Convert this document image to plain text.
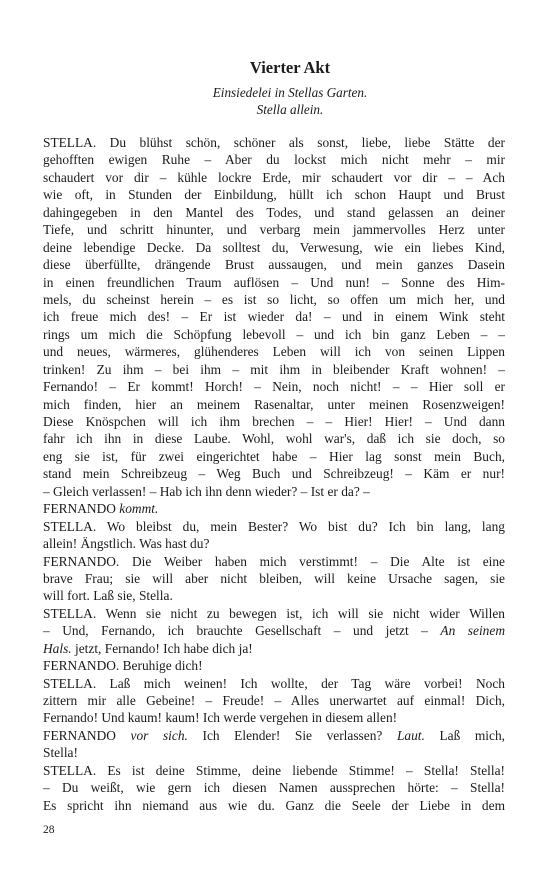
Vierter Akt
Einsiedelei in Stellas Garten.
Stella allein.
STELLA. Du blühst schön, schöner als sonst, liebe, liebe Stätte der
gehofften ewigen Ruhe – Aber du lockst mich nicht mehr – mir
schaudert vor dir – kühle lockre Erde, mir schaudert vor dir – – Ach
wie oft, in Stunden der Einbildung, hüllt ich schon Haupt und Brust
dahingegeben in den Mantel des Todes, und stand gelassen an deiner
Tiefe, und schritt hinunter, und verbarg mein jammervolles Herz unter
deine lebendige Decke. Da solltest du, Verwesung, wie ein liebes Kind,
diese überfüllte, drängende Brust aussaugen, und mein ganzes Dasein
in einen freundlichen Traum auflösen – Und nun! – Sonne des Him-
mels, du scheinst herein – es ist so licht, so offen um mich her, und
ich freue mich des! – Er ist wieder da! – und in einem Wink steht
rings um mich die Schöpfung lebevoll – und ich bin ganz Leben – –
und neues, wärmeres, glühenderes Leben will ich von seinen Lippen
trinken! Zu ihm – bei ihm – mit ihm in bleibender Kraft wohnen! –
Fernando! – Er kommt! Horch! – Nein, noch nicht! – – Hier soll er
mich finden, hier an meinem Rasenaltar, unter meinen Rosenzweigen!
Diese Knöspchen will ich ihm brechen – – Hier! Hier! – Und dann
fahr ich ihn in diese Laube. Wohl, wohl war's, daß ich sie doch, so
eng sie ist, für zwei eingerichtet habe – Hier lag sonst mein Buch,
stand mein Schreibzeug – Weg Buch und Schreibzeug! – Käm er nur!
– Gleich verlassen! – Hab ich ihn denn wieder? – Ist er da? –
FERNANDO kommt.
STELLA. Wo bleibst du, mein Bester? Wo bist du? Ich bin lang, lang
allein! Ängstlich. Was hast du?
FERNANDO. Die Weiber haben mich verstimmt! – Die Alte ist eine
brave Frau; sie will aber nicht bleiben, will keine Ursache sagen, sie
will fort. Laß sie, Stella.
STELLA. Wenn sie nicht zu bewegen ist, ich will sie nicht wider Willen
– Und, Fernando, ich brauchte Gesellschaft – und jetzt – An seinem
Hals. jetzt, Fernando! Ich habe dich ja!
FERNANDO. Beruhige dich!
STELLA. Laß mich weinen! Ich wollte, der Tag wäre vorbei! Noch
zittern mir alle Gebeine! – Freude! – Alles unerwartet auf einmal! Dich,
Fernando! Und kaum! kaum! Ich werde vergehen in diesem allen!
FERNANDO vor sich. Ich Elender! Sie verlassen? Laut. Laß mich,
Stella!
STELLA. Es ist deine Stimme, deine liebende Stimme! – Stella! Stella!
– Du weißt, wie gern ich diesen Namen aussprechen hörte: – Stella!
Es spricht ihn niemand aus wie du. Ganz die Seele der Liebe in dem
28
